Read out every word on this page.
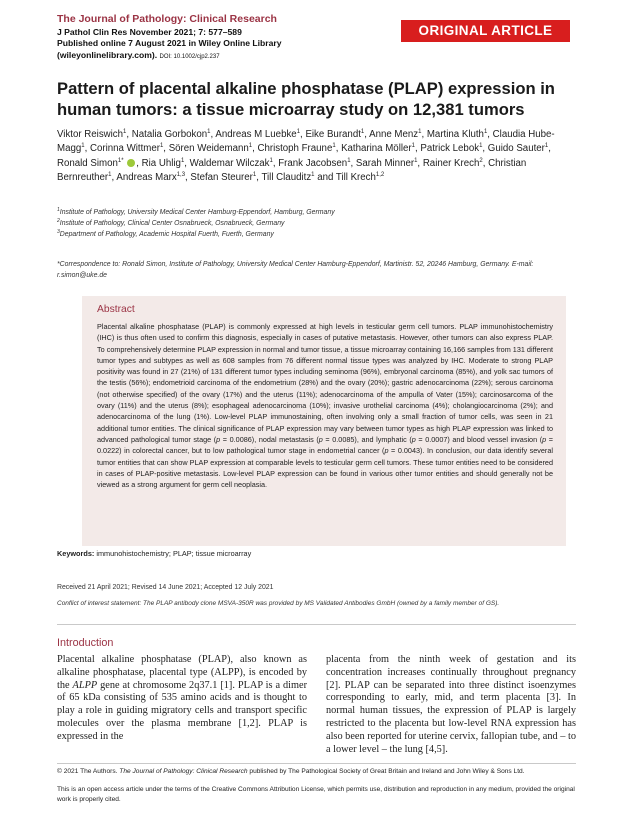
The Journal of Pathology: Clinical Research
J Pathol Clin Res November 2021; 7: 577–589
Published online 7 August 2021 in Wiley Online Library
(wileyonlinelibrary.com). DOI: 10.1002/cjp2.237
ORIGINAL ARTICLE
Pattern of placental alkaline phosphatase (PLAP) expression in human tumors: a tissue microarray study on 12,381 tumors
Viktor Reiswich$^1$, Natalia Gorbokon$^1$, Andreas M Luebke$^1$, Eike Burandt$^1$, Anne Menz$^1$, Martina Kluth$^1$, Claudia Hube-Magg$^1$, Corinna Wittmer$^1$, Sören Weidemann$^1$, Christoph Fraune$^1$, Katharina Möller$^1$, Patrick Lebok$^1$, Guido Sauter$^1$, Ronald Simon$^{1*}$ , Ria Uhlig$^1$, Waldemar Wilczak$^1$, Frank Jacobsen$^1$, Sarah Minner$^1$, Rainer Krech$^2$, Christian Bernreuther$^1$, Andreas Marx$^{1,3}$, Stefan Steurer$^1$, Till Clauditz$^1$ and Till Krech$^{1,2}$
$^1$Institute of Pathology, University Medical Center Hamburg-Eppendorf, Hamburg, Germany
$^2$Institute of Pathology, Clinical Center Osnabrueck, Osnabrueck, Germany
$^3$Department of Pathology, Academic Hospital Fuerth, Fuerth, Germany
*Correspondence to: Ronald Simon, Institute of Pathology, University Medical Center Hamburg-Eppendorf, Martinistr. 52, 20246 Hamburg, Germany. E-mail: r.simon@uke.de
Abstract
Placental alkaline phosphatase (PLAP) is commonly expressed at high levels in testicular germ cell tumors. PLAP immunohistochemistry (IHC) is thus often used to confirm this diagnosis, especially in cases of putative metastasis. However, other tumors can also express PLAP. To comprehensively determine PLAP expression in normal and tumor tissue, a tissue microarray containing 16,166 samples from 131 different tumor types and subtypes as well as 608 samples from 76 different normal tissue types was analyzed by IHC. Moderate to strong PLAP positivity was found in 27 (21%) of 131 different tumor types including seminoma (96%), embryonal carcinoma (85%), and yolk sac tumors of the testis (56%); endometrioid carcinoma of the endometrium (28%) and the ovary (20%); gastric adenocarcinoma (22%); serous carcinoma (not otherwise specified) of the ovary (17%) and the uterus (11%); adenocarcinoma of the ampulla of Vater (15%); carcinosarcoma of the ovary (11%) and the uterus (8%); esophageal adenocarcinoma (10%); invasive urothelial carcinoma (4%); cholangiocarcinoma (2%); and adenocarcinoma of the lung (1%). Low-level PLAP immunostaining, often involving only a small fraction of tumor cells, was seen in 21 additional tumor entities. The clinical significance of PLAP expression may vary between tumor types as high PLAP expression was linked to advanced pathological tumor stage (p = 0.0086), nodal metastasis (p = 0.0085), and lymphatic (p = 0.0007) and blood vessel invasion (p = 0.0222) in colorectal cancer, but to low pathological tumor stage in endometrial cancer (p = 0.0043). In conclusion, our data identify several tumor entities that can show PLAP expression at comparable levels to testicular germ cell tumors. These tumor entities need to be considered in cases of PLAP-positive metastasis. Low-level PLAP expression can be found in various other tumor entities and should generally not be viewed as a strong argument for germ cell neoplasia.
Keywords: immunohistochemistry; PLAP; tissue microarray
Received 21 April 2021; Revised 14 June 2021; Accepted 12 July 2021
Conflict of interest statement: The PLAP antibody clone MSVA-350R was provided by MS Validated Antibodies GmbH (owned by a family member of GS).
Introduction
Placental alkaline phosphatase (PLAP), also known as alkaline phosphatase, placental type (ALPP), is encoded by the ALPP gene at chromosome 2q37.1 [1]. PLAP is a dimer of 65 kDa consisting of 535 amino acids and is thought to play a role in guiding migratory cells and transport specific molecules over the plasma membrane [1,2]. PLAP is expressed in the
placenta from the ninth week of gestation and its concentration increases continually throughout pregnancy [2]. PLAP can be separated into three distinct isoenzymes corresponding to early, mid, and term placenta [3]. In normal human tissues, the expression of PLAP is largely restricted to the placenta but low-level RNA expression has also been reported for uterine cervix, fallopian tube, and – to a lower level – the lung [4,5].
© 2021 The Authors. The Journal of Pathology: Clinical Research published by The Pathological Society of Great Britain and Ireland and John Wiley & Sons Ltd.
This is an open access article under the terms of the Creative Commons Attribution License, which permits use, distribution and reproduction in any medium, provided the original work is properly cited.
